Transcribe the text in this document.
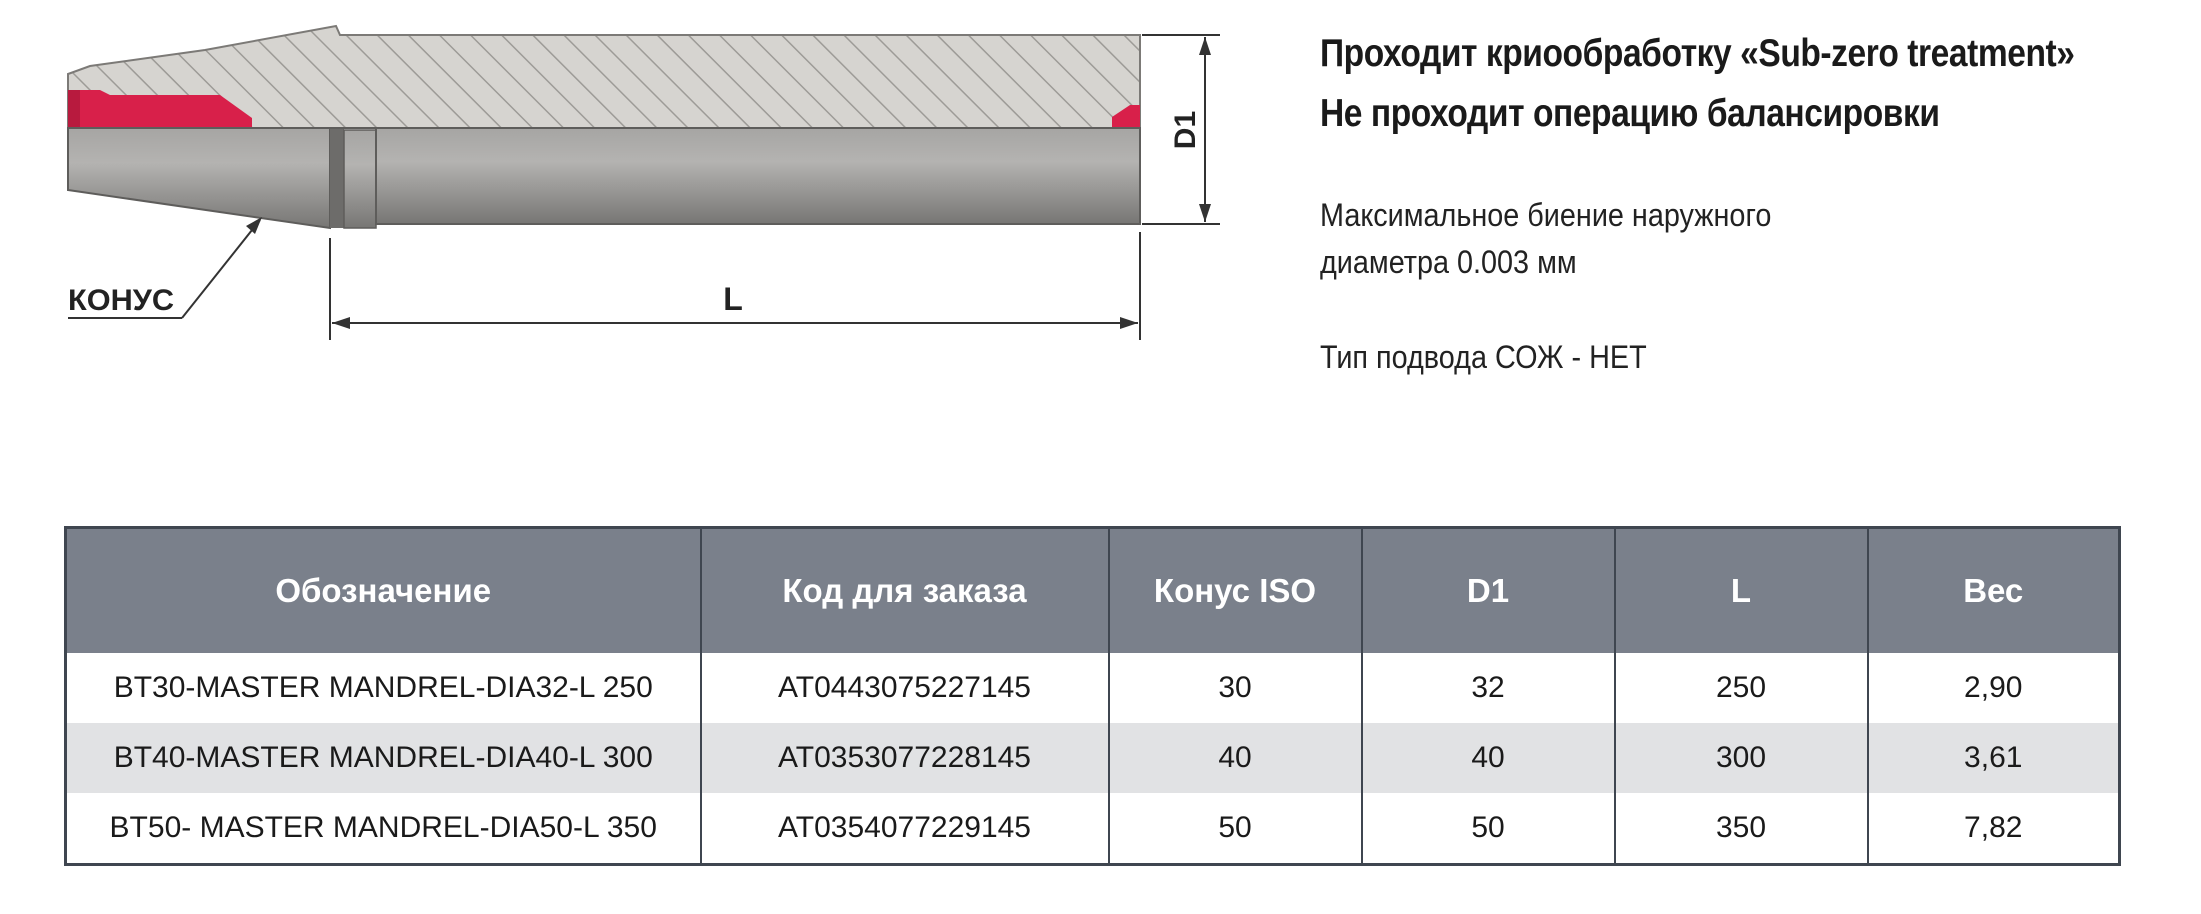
D1
L
КОНУС

Проходит криообработку «Sub-zero treatment»

Не проходит операцию балансировки

Максимальное биение наружного

диаметра 0.003 мм

Тип подвода СОЖ - НЕТ

Обозначение	Код для заказа	Конус ISO	D1	L	Вес
BT30-MASTER MANDREL-DIA32-L 250	AT0443075227145	30	32	250	2,90
BT40-MASTER MANDREL-DIA40-L 300	AT0353077228145	40	40	300	3,61
BT50- MASTER MANDREL-DIA50-L 350	AT0354077229145	50	50	350	7,82
